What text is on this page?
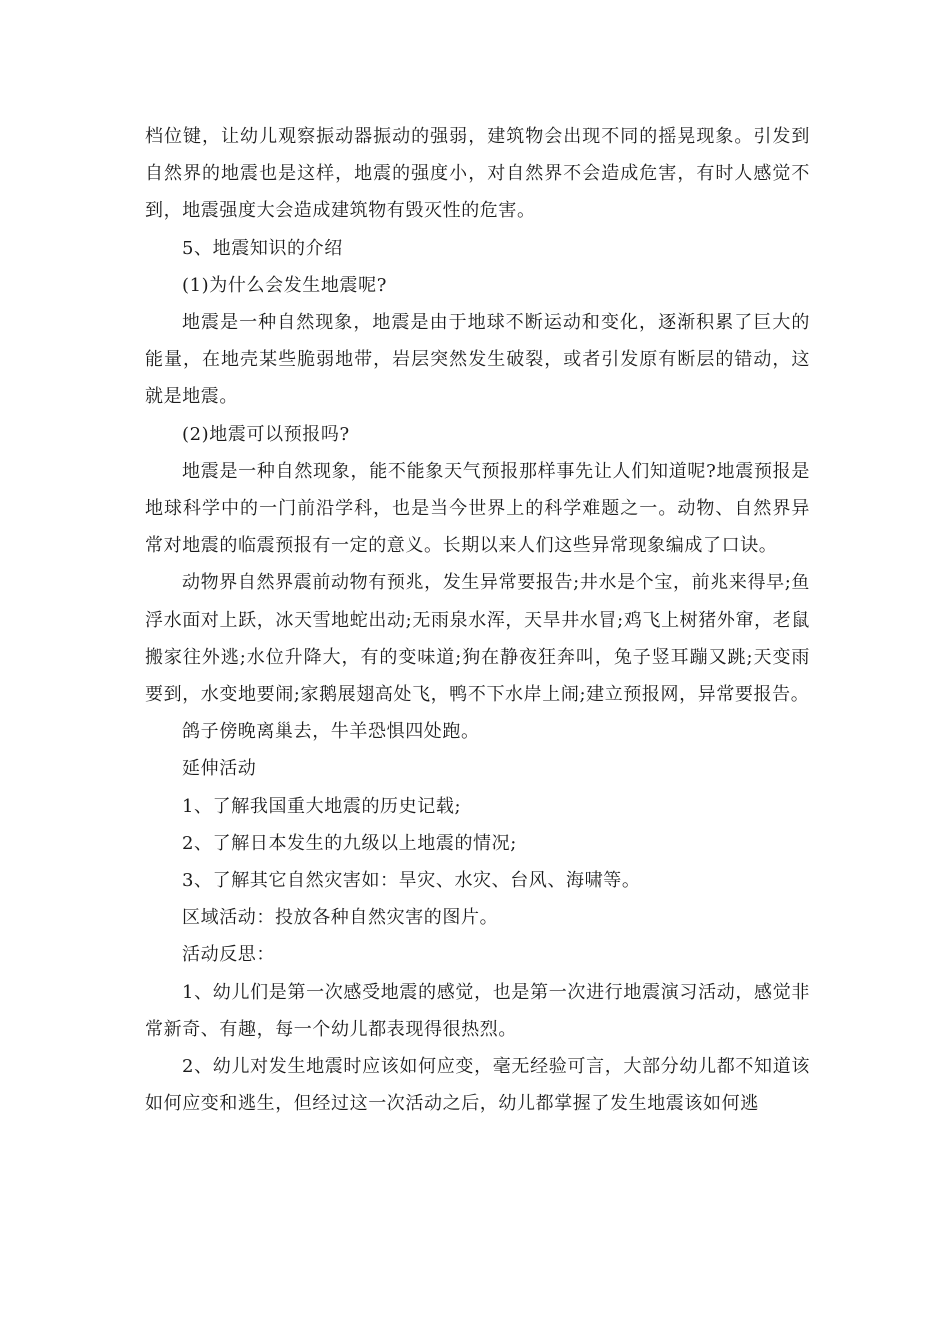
档位键，让幼儿观察振动器振动的强弱，建筑物会出现不同的摇晃现象。引发到自然界的地震也是这样，地震的强度小，对自然界不会造成危害，有时人感觉不到，地震强度大会造成建筑物有毁灭性的危害。

5、地震知识的介绍

(1)为什么会发生地震呢?

地震是一种自然现象，地震是由于地球不断运动和变化，逐渐积累了巨大的能量，在地壳某些脆弱地带，岩层突然发生破裂，或者引发原有断层的错动，这就是地震。

(2)地震可以预报吗?

地震是一种自然现象，能不能象天气预报那样事先让人们知道呢?地震预报是地球科学中的一门前沿学科，也是当今世界上的科学难题之一。动物、自然界异常对地震的临震预报有一定的意义。长期以来人们这些异常现象编成了口诀。

动物界自然界震前动物有预兆，发生异常要报告;井水是个宝，前兆来得早;鱼浮水面对上跃，冰天雪地蛇出动;无雨泉水浑，天旱井水冒;鸡飞上树猪外窜，老鼠搬家往外逃;水位升降大，有的变味道;狗在静夜狂奔叫，兔子竖耳蹦又跳;天变雨要到，水变地要闹;家鹅展翅高处飞，鸭不下水岸上闹;建立预报网，异常要报告。

鸽子傍晚离巢去，牛羊恐惧四处跑。

延伸活动

1、了解我国重大地震的历史记载;

2、了解日本发生的九级以上地震的情况;

3、了解其它自然灾害如：旱灾、水灾、台风、海啸等。

区域活动：投放各种自然灾害的图片。

活动反思：

1、幼儿们是第一次感受地震的感觉，也是第一次进行地震演习活动，感觉非常新奇、有趣，每一个幼儿都表现得很热烈。

2、幼儿对发生地震时应该如何应变，毫无经验可言，大部分幼儿都不知道该如何应变和逃生，但经过这一次活动之后，幼儿都掌握了发生地震该如何逃
